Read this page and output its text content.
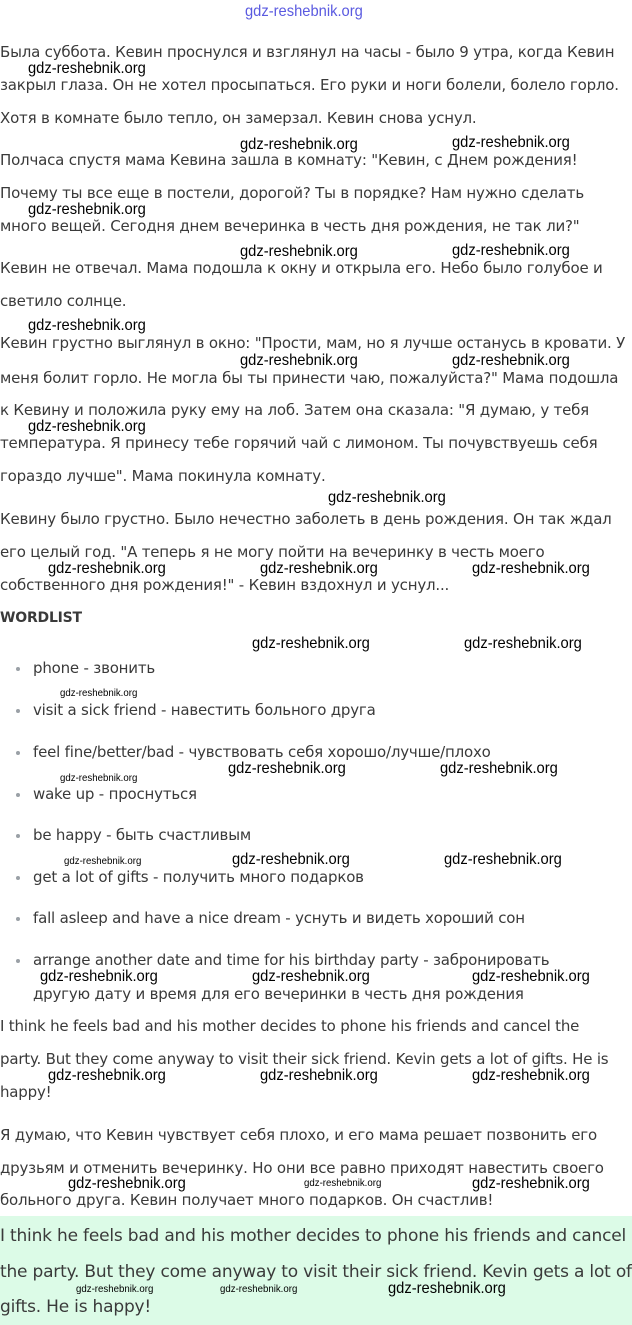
gdz-reshebnik.org
Была суббота. Кевин проснулся и взглянул на часы - было 9 утра, когда Кевин
закрыл глаза. Он не хотел просыпаться. Его руки и ноги болели, болело горло.
Хотя в комнате было тепло, он замерзал. Кевин снова уснул.
Полчаса спустя мама Кевина зашла в комнату: "Кевин, с Днем рождения!
Почему ты все еще в постели, дорогой? Ты в порядке? Нам нужно сделать
много вещей. Сегодня днем вечеринка в честь дня рождения, не так ли?"
Кевин не отвечал. Мама подошла к окну и открыла его. Небо было голубое и
светило солнце.
Кевин грустно выглянул в окно: "Прости, мам, но я лучше останусь в кровати. У
меня болит горло. Не могла бы ты принести чаю, пожалуйста?" Мама подошла
к Кевину и положила руку ему на лоб. Затем она сказала: "Я думаю, у тебя
температура. Я принесу тебе горячий чай с лимоном. Ты почувствуешь себя
гораздо лучше". Мама покинула комнату.
Кевину было грустно. Было нечестно заболеть в день рождения. Он так ждал
его целый год. "А теперь я не могу пойти на вечеринку в честь моего
собственного дня рождения!" - Кевин вздохнул и уснул...
WORDLIST
phone - звонить
visit a sick friend - навестить больного друга
feel fine/better/bad - чувствовать себя хорошо/лучше/плохо
wake up - проснуться
be happy - быть счастливым
get a lot of gifts - получить много подарков
fall asleep and have a nice dream - уснуть и видеть хороший сон
arrange another date and time for his birthday party - забронировать
другую дату и время для его вечеринки в честь дня рождения
I think he feels bad and his mother decides to phone his friends and cancel the
party. But they come anyway to visit their sick friend. Kevin gets a lot of gifts. He is
happy!
Я думаю, что Кевин чувствует себя плохо, и его мама решает позвонить его
друзьям и отменить вечеринку. Но они все равно приходят навестить своего
больного друга. Кевин получает много подарков. Он счастлив!
I think he feels bad and his mother decides to phone his friends and cancel
the party. But they come anyway to visit their sick friend. Kevin gets a lot of
gifts. He is happy!
gdz-reshebnik.org
gdz-reshebnik.org	gdz-reshebnik.org
gdz-reshebnik.org
gdz-reshebnik.org	gdz-reshebnik.org
gdz-reshebnik.org
gdz-reshebnik.org	gdz-reshebnik.org
gdz-reshebnik.org
gdz-reshebnik.org
gdz-reshebnik.org	gdz-reshebnik.org	gdz-reshebnik.org
gdz-reshebnik.org	gdz-reshebnik.org
gdz-reshebnik.org
gdz-reshebnik.org	gdz-reshebnik.org
gdz-reshebnik.org
gdz-reshebnik.org	gdz-reshebnik.org	gdz-reshebnik.org
gdz-reshebnik.org	gdz-reshebnik.org	gdz-reshebnik.org
gdz-reshebnik.org	gdz-reshebnik.org	gdz-reshebnik.org
gdz-reshebnik.org	gdz-reshebnik.org	gdz-reshebnik.org
gdz-reshebnik.org	gdz-reshebnik.org	gdz-reshebnik.org
